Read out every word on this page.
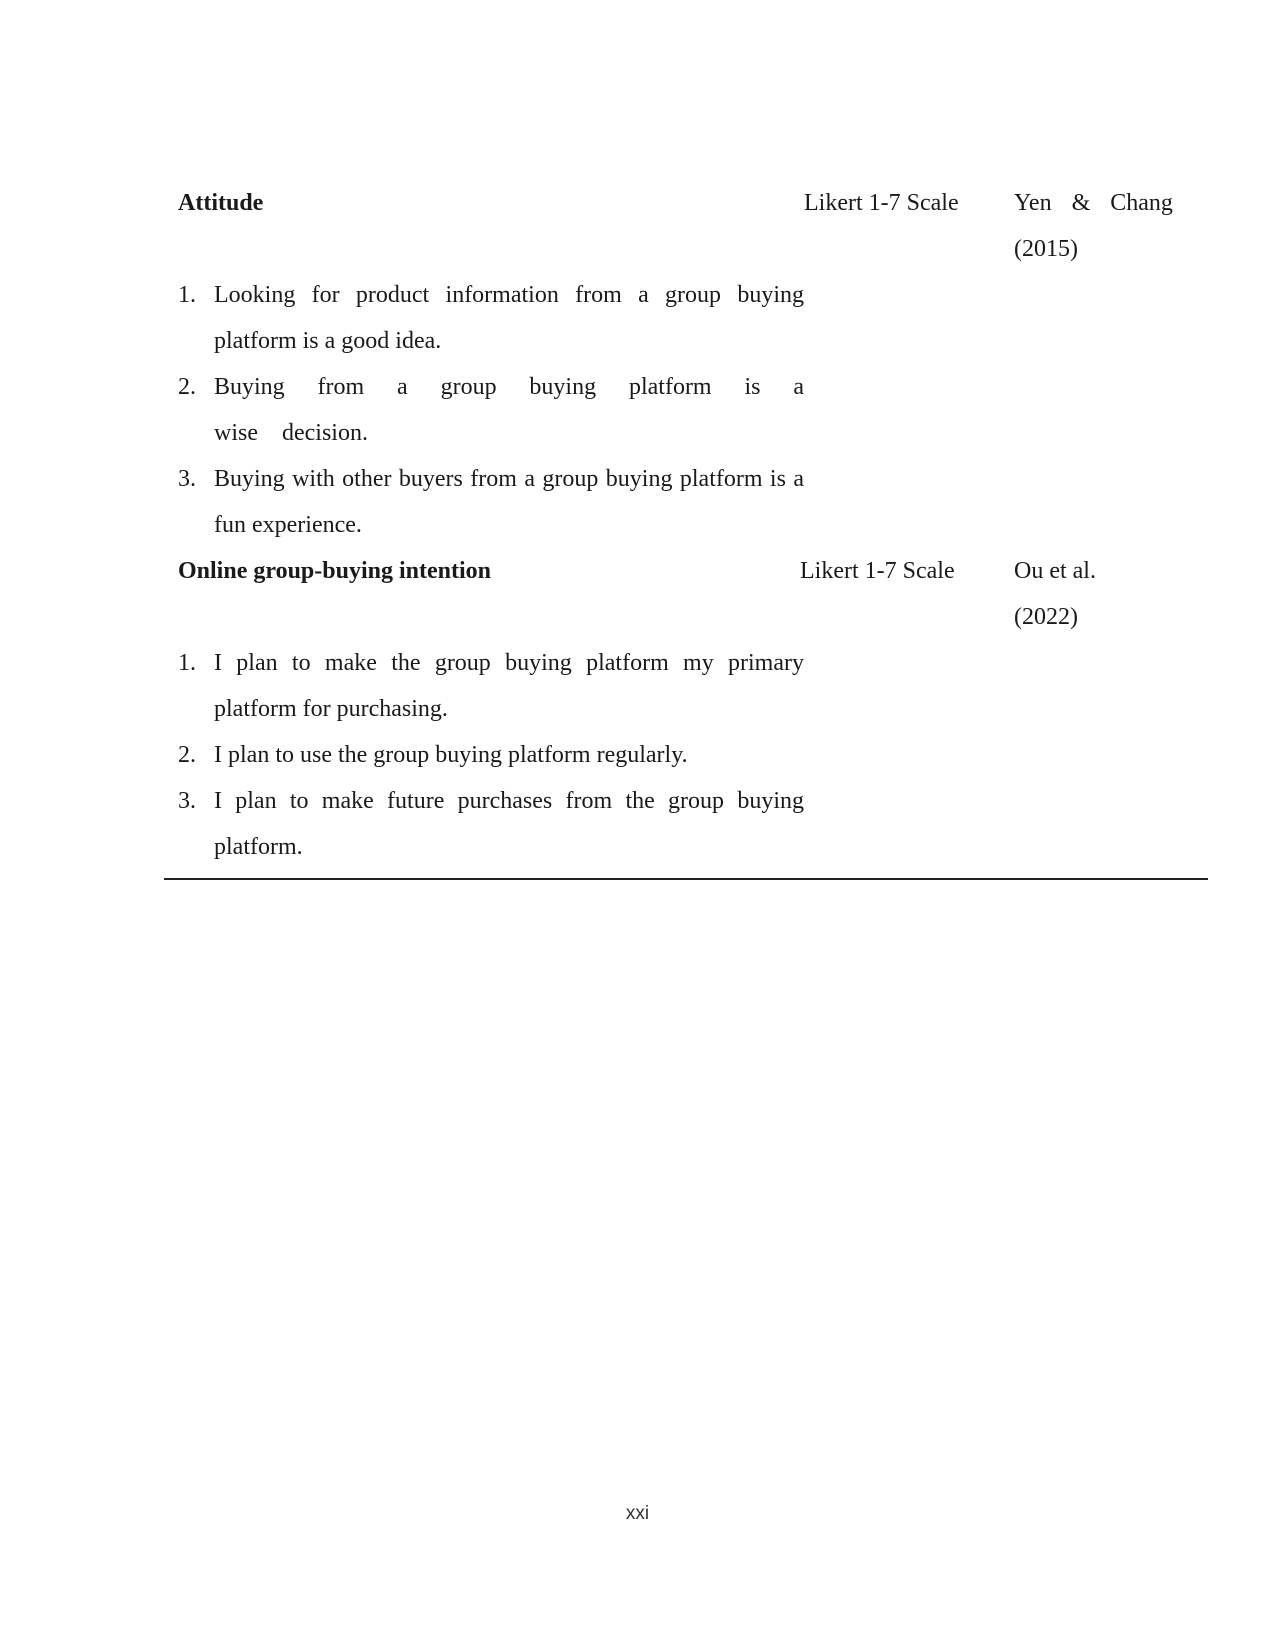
Attitude	Likert 1-7 Scale	Yen & Chang
(2015)
1. Looking for product information from a group buying platform is a good idea.
2. Buying from a group buying platform is a wise decision.
3. Buying with other buyers from a group buying platform is a fun experience.
Online group-buying intention	Likert 1-7 Scale	Ou et al.
(2022)
1. I plan to make the group buying platform my primary platform for purchasing.
2. I plan to use the group buying platform regularly.
3. I plan to make future purchases from the group buying platform.
xxi
